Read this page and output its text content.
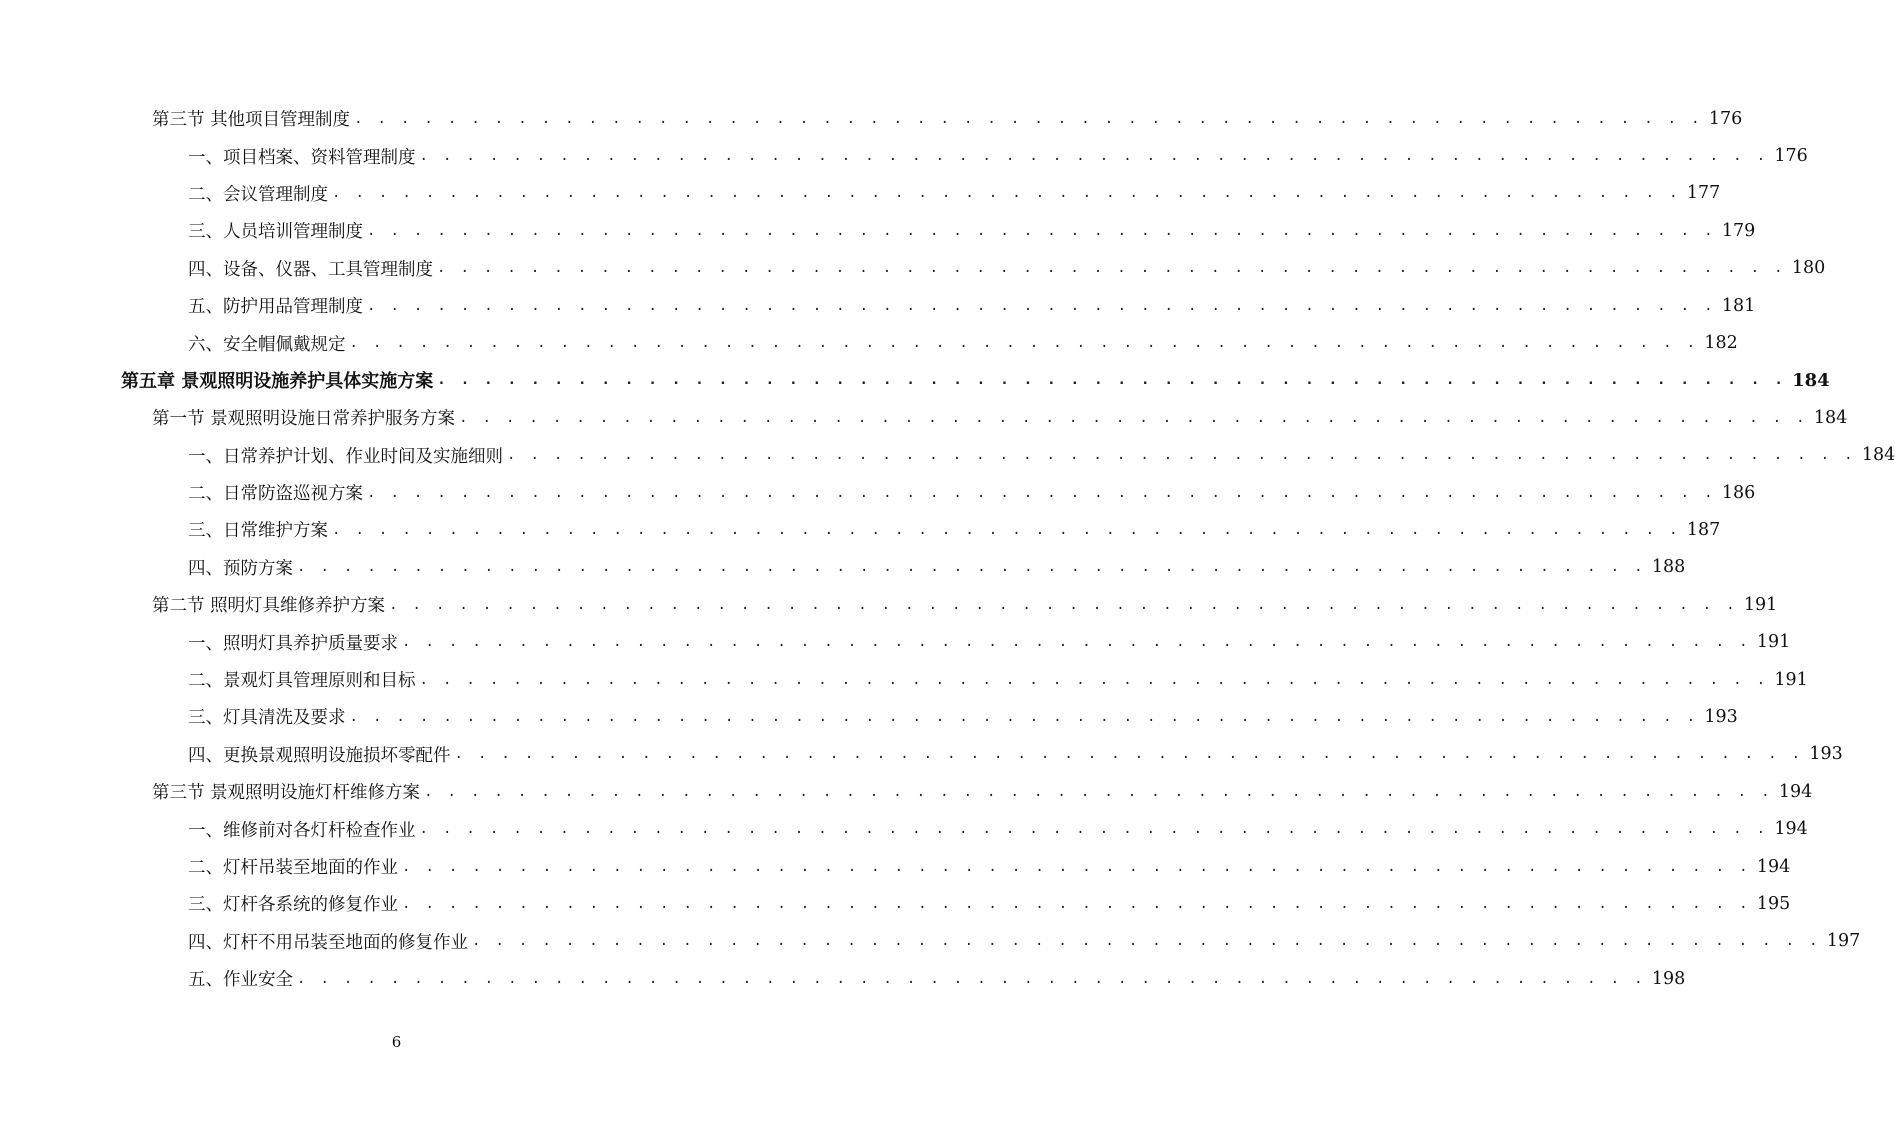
第三节 其他项目管理制度 . . . . . . . . . . . . . . . . . . . . . . . . . . . . . . . . . . . . . . . . . . . . . . . . . . . . . . . . . . 176
一、项目档案、资料管理制度 . . . . . . . . . . . . . . . . . . . . . . . . . . . . . . . . . . . . . . . . . . . . . . . . . . . . . . . . . . 176
二、会议管理制度 . . . . . . . . . . . . . . . . . . . . . . . . . . . . . . . . . . . . . . . . . . . . . . . . . . . . . . . . . . 177
三、人员培训管理制度 . . . . . . . . . . . . . . . . . . . . . . . . . . . . . . . . . . . . . . . . . . . . . . . . . . . . . . . . . . 179
四、设备、仪器、工具管理制度 . . . . . . . . . . . . . . . . . . . . . . . . . . . . . . . . . . . . . . . . . . . . . . . . . . . . . . . . . . 180
五、防护用品管理制度 . . . . . . . . . . . . . . . . . . . . . . . . . . . . . . . . . . . . . . . . . . . . . . . . . . . . . . . . . . 181
六、安全帽佩戴规定 . . . . . . . . . . . . . . . . . . . . . . . . . . . . . . . . . . . . . . . . . . . . . . . . . . . . . . . . . . 182
第五章 景观照明设施养护具体实施方案 . . . . . . . . . . . . . . . . . . . . . . . . . . . . . . . . . . . . . . . . . . . . . . . . . . . . . . . . . . 184
第一节 景观照明设施日常养护服务方案 . . . . . . . . . . . . . . . . . . . . . . . . . . . . . . . . . . . . . . . . . . . . . . . . . . . . . . . . . . 184
一、日常养护计划、作业时间及实施细则 . . . . . . . . . . . . . . . . . . . . . . . . . . . . . . . . . . . . . . . . . . . . . . . . . . . . . . . . . . 184
二、日常防盗巡视方案 . . . . . . . . . . . . . . . . . . . . . . . . . . . . . . . . . . . . . . . . . . . . . . . . . . . . . . . . . . 186
三、日常维护方案 . . . . . . . . . . . . . . . . . . . . . . . . . . . . . . . . . . . . . . . . . . . . . . . . . . . . . . . . . . 187
四、预防方案 . . . . . . . . . . . . . . . . . . . . . . . . . . . . . . . . . . . . . . . . . . . . . . . . . . . . . . . . . . 188
第二节 照明灯具维修养护方案 . . . . . . . . . . . . . . . . . . . . . . . . . . . . . . . . . . . . . . . . . . . . . . . . . . . . . . . . . . 191
一、照明灯具养护质量要求 . . . . . . . . . . . . . . . . . . . . . . . . . . . . . . . . . . . . . . . . . . . . . . . . . . . . . . . . . . 191
二、景观灯具管理原则和目标 . . . . . . . . . . . . . . . . . . . . . . . . . . . . . . . . . . . . . . . . . . . . . . . . . . . . . . . . . . 191
三、灯具清洗及要求 . . . . . . . . . . . . . . . . . . . . . . . . . . . . . . . . . . . . . . . . . . . . . . . . . . . . . . . . . . 193
四、更换景观照明设施损坏零配件 . . . . . . . . . . . . . . . . . . . . . . . . . . . . . . . . . . . . . . . . . . . . . . . . . . . . . . . . . . 193
第三节 景观照明设施灯杆维修方案 . . . . . . . . . . . . . . . . . . . . . . . . . . . . . . . . . . . . . . . . . . . . . . . . . . . . . . . . . . 194
一、维修前对各灯杆检查作业 . . . . . . . . . . . . . . . . . . . . . . . . . . . . . . . . . . . . . . . . . . . . . . . . . . . . . . . . . . 194
二、灯杆吊装至地面的作业 . . . . . . . . . . . . . . . . . . . . . . . . . . . . . . . . . . . . . . . . . . . . . . . . . . . . . . . . . . 194
三、灯杆各系统的修复作业 . . . . . . . . . . . . . . . . . . . . . . . . . . . . . . . . . . . . . . . . . . . . . . . . . . . . . . . . . . 195
四、灯杆不用吊装至地面的修复作业 . . . . . . . . . . . . . . . . . . . . . . . . . . . . . . . . . . . . . . . . . . . . . . . . . . . . . . . . . . 197
五、作业安全 . . . . . . . . . . . . . . . . . . . . . . . . . . . . . . . . . . . . . . . . . . . . . . . . . . . . . . . . . . 198
6
